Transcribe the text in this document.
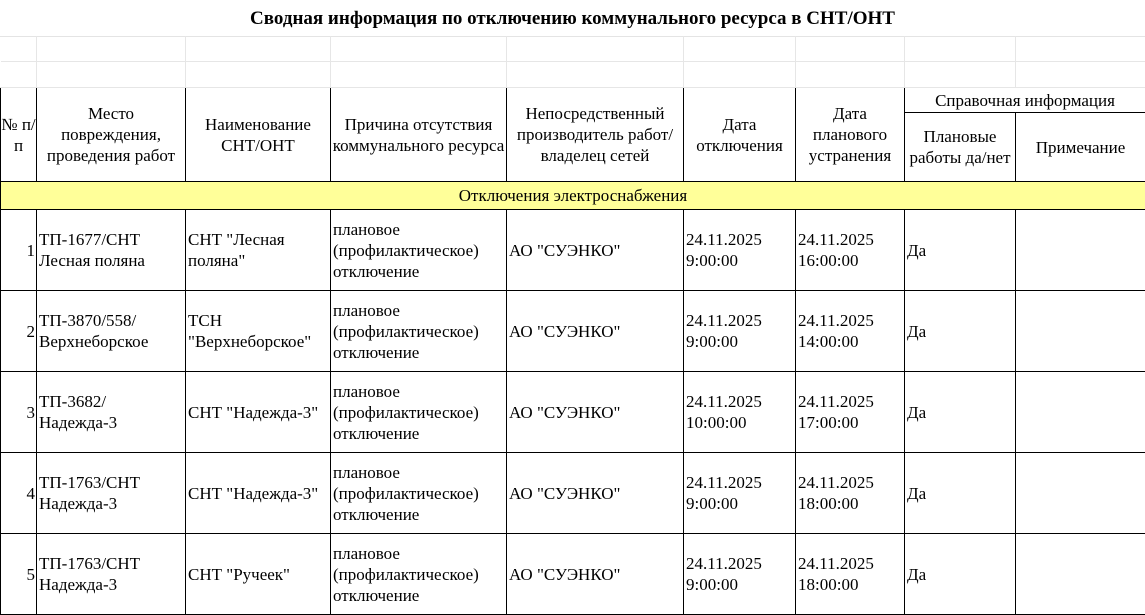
Сводная информация по отключению коммунального ресурса в СНТ/ОНТ

№ п/п	Место повреждения, проведения работ	Наименование СНТ/ОНТ	Причина отсутствия коммунального ресурса	Непосредственный производитель работ/ владелец сетей	Дата отключения	Дата планового устранения	Справочная информация	
							Плановые работы да/нет	Примечание
Отключения электроснабжения								
1	ТП-1677/СНТ Лесная поляна	СНТ "Лесная поляна"	плановое (профилактическое) отключение	АО "СУЭНКО"	24.11.2025 9:00:00	24.11.2025 16:00:00	Да	
2	ТП-3870/558/ Верхнеборское	ТСН "Верхнеборское"	плановое (профилактическое) отключение	АО "СУЭНКО"	24.11.2025 9:00:00	24.11.2025 14:00:00	Да	
3	ТП-3682/ Надежда-3	СНТ "Надежда-3"	плановое (профилактическое) отключение	АО "СУЭНКО"	24.11.2025 10:00:00	24.11.2025 17:00:00	Да	
4	ТП-1763/СНТ Надежда-3	СНТ "Надежда-3"	плановое (профилактическое) отключение	АО "СУЭНКО"	24.11.2025 9:00:00	24.11.2025 18:00:00	Да	
5	ТП-1763/СНТ Надежда-3	СНТ "Ручеек"	плановое (профилактическое) отключение	АО "СУЭНКО"	24.11.2025 9:00:00	24.11.2025 18:00:00	Да	
